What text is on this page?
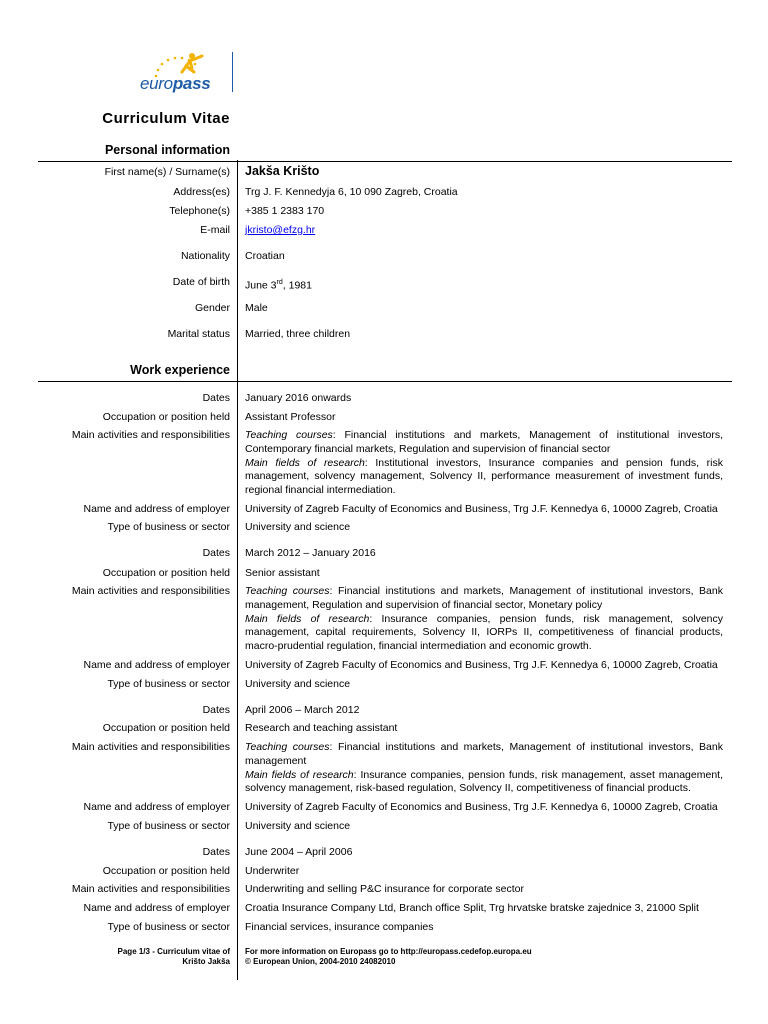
europass
Curriculum Vitae
Personal information
First name(s) / Surname(s) Jakša Krišto
Address(es) Trg J. F. Kennedyja 6, 10 090 Zagreb, Croatia
Telephone(s) +385 1 2383 170
E-mail jkristo@efzg.hr
Nationality Croatian
Date of birth June 3rd, 1981
Gender Male
Marital status Married, three children
Work experience
Dates January 2016 onwards
Occupation or position held Assistant Professor
Main activities and responsibilities Teaching courses: Financial institutions and markets, Management of institutional investors, Contemporary financial markets, Regulation and supervision of financial sector
Main fields of research: Institutional investors, Insurance companies and pension funds, risk management, solvency management, Solvency II, performance measurement of investment funds, regional financial intermediation.
Name and address of employer University of Zagreb Faculty of Economics and Business, Trg J.F. Kennedya 6, 10000 Zagreb, Croatia
Type of business or sector University and science
Dates March 2012 – January 2016
Occupation or position held Senior assistant
Main activities and responsibilities Teaching courses: Financial institutions and markets, Management of institutional investors, Bank management, Regulation and supervision of financial sector, Monetary policy
Main fields of research: Insurance companies, pension funds, risk management, solvency management, capital requirements, Solvency II, IORPs II, competitiveness of financial products, macro-prudential regulation, financial intermediation and economic growth.
Name and address of employer University of Zagreb Faculty of Economics and Business, Trg J.F. Kennedya 6, 10000 Zagreb, Croatia
Type of business or sector University and science
Dates April 2006 – March 2012
Occupation or position held Research and teaching assistant
Main activities and responsibilities Teaching courses: Financial institutions and markets, Management of institutional investors, Bank management
Main fields of research: Insurance companies, pension funds, risk management, asset management, solvency management, risk-based regulation, Solvency II, competitiveness of financial products.
Name and address of employer University of Zagreb Faculty of Economics and Business, Trg J.F. Kennedya 6, 10000 Zagreb, Croatia
Type of business or sector University and science
Dates June 2004 – April 2006
Occupation or position held Underwriter
Main activities and responsibilities Underwriting and selling P&C insurance for corporate sector
Name and address of employer Croatia Insurance Company Ltd, Branch office Split, Trg hrvatske bratske zajednice 3, 21000 Split
Type of business or sector Financial services, insurance companies
Page 1/3 - Curriculum vitae of
Krišto Jakša
For more information on Europass go to http://europass.cedefop.europa.eu
© European Union, 2004-2010 24082010
